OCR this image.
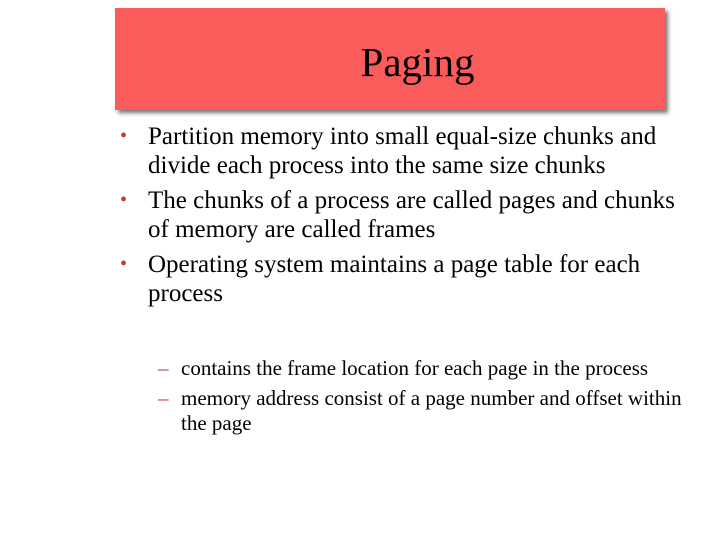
Paging
• Partition memory into small equal-size chunks and divide each process into the same size chunks
• The chunks of a process are called pages and chunks of memory are called frames
• Operating system maintains a page table for each process
– contains the frame location for each page in the process
– memory address consist of a page number and offset within the page
